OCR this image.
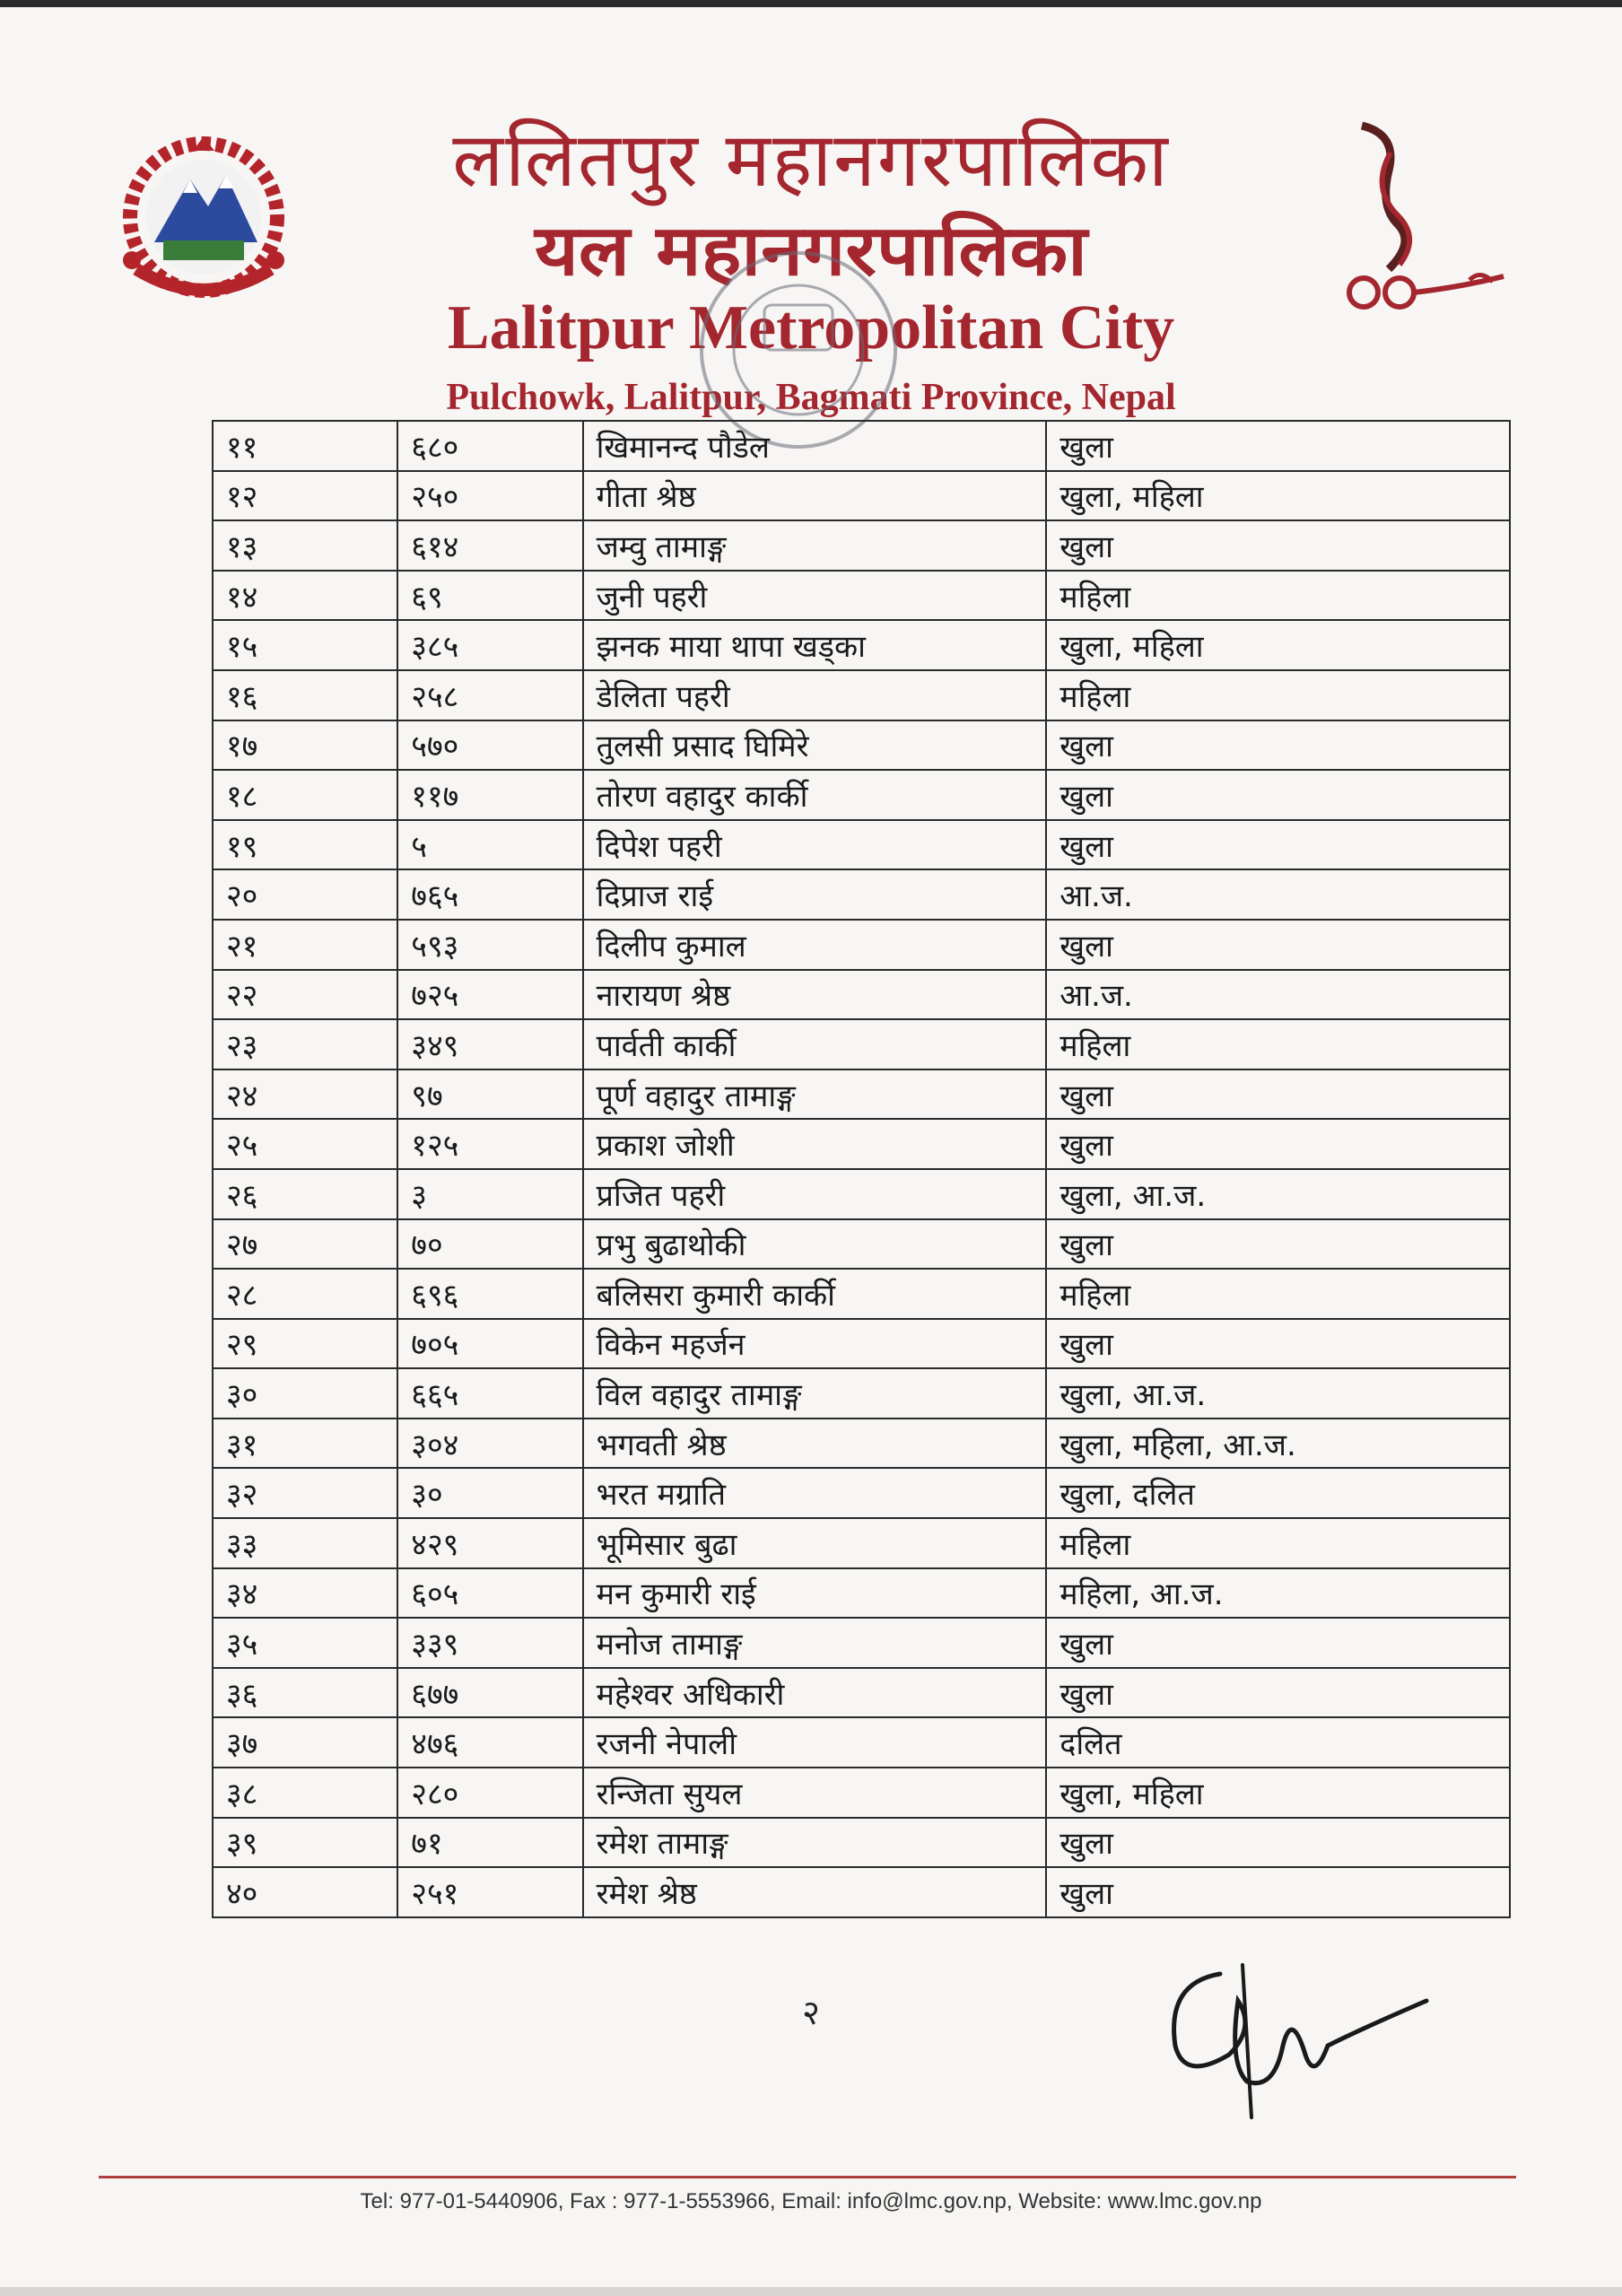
ललितपुर महानगरपालिका
यल महानगरपालिका
Lalitpur Metropolitan City
Pulchowk, Lalitpur, Bagmati Province, Nepal
११	६८०	खिमानन्द पौडेल	खुला
१२	२५०	गीता श्रेष्ठ	खुला, महिला
१३	६१४	जम्वु तामाङ्ग	खुला
१४	६९	जुनी पहरी	महिला
१५	३८५	झनक माया थापा खड्का	खुला, महिला
१६	२५८	डेलिता पहरी	महिला
१७	५७०	तुलसी प्रसाद घिमिरे	खुला
१८	११७	तोरण वहादुर कार्की	खुला
१९	५	दिपेश पहरी	खुला
२०	७६५	दिप्राज राई	आ.ज.
२१	५९३	दिलीप कुमाल	खुला
२२	७२५	नारायण श्रेष्ठ	आ.ज.
२३	३४९	पार्वती कार्की	महिला
२४	९७	पूर्ण वहादुर तामाङ्ग	खुला
२५	१२५	प्रकाश जोशी	खुला
२६	३	प्रजित पहरी	खुला, आ.ज.
२७	७०	प्रभु बुढाथोकी	खुला
२८	६९६	बलिसरा कुमारी कार्की	महिला
२९	७०५	विकेन महर्जन	खुला
३०	६६५	विल वहादुर तामाङ्ग	खुला, आ.ज.
३१	३०४	भगवती श्रेष्ठ	खुला, महिला, आ.ज.
३२	३०	भरत मग्राति	खुला, दलित
३३	४२९	भूमिसार बुढा	महिला
३४	६०५	मन कुमारी राई	महिला, आ.ज.
३५	३३९	मनोज तामाङ्ग	खुला
३६	६७७	महेश्वर अधिकारी	खुला
३७	४७६	रजनी नेपाली	दलित
३८	२८०	रन्जिता सुयल	खुला, महिला
३९	७१	रमेश तामाङ्ग	खुला
४०	२५१	रमेश श्रेष्ठ	खुला
२
Tel: 977-01-5440906, Fax : 977-1-5553966, Email: info@lmc.gov.np, Website: www.lmc.gov.np
